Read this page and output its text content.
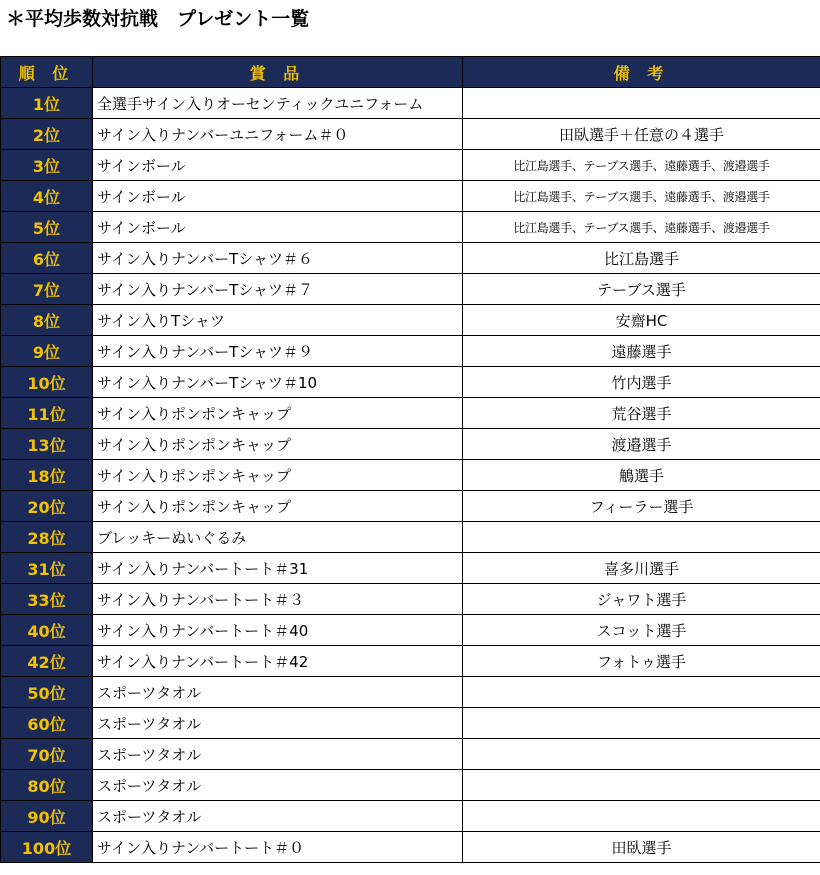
＊平均歩数対抗戦　プレゼント一覧
順 位	賞 品	備 考
1位	全選手サイン入りオーセンティックユニフォーム	
2位	サイン入りナンバーユニフォーム＃０	田臥選手＋任意の４選手
3位	サインボール	比江島選手、テーブス選手、遠藤選手、渡邉選手
4位	サインボール	比江島選手、テーブス選手、遠藤選手、渡邉選手
5位	サインボール	比江島選手、テーブス選手、遠藤選手、渡邉選手
6位	サイン入りナンバーTシャツ＃６	比江島選手
7位	サイン入りナンバーTシャツ＃７	テーブス選手
8位	サイン入りTシャツ	安齋HC
9位	サイン入りナンバーTシャツ＃９	遠藤選手
10位	サイン入りナンバーTシャツ＃10	竹内選手
11位	サイン入りポンポンキャップ	荒谷選手
13位	サイン入りポンポンキャップ	渡邉選手
18位	サイン入りポンポンキャップ	鵤選手
20位	サイン入りポンポンキャップ	フィーラー選手
28位	ブレッキーぬいぐるみ	
31位	サイン入りナンバートート＃31	喜多川選手
33位	サイン入りナンバートート＃３	ジャワト選手
40位	サイン入りナンバートート＃40	スコット選手
42位	サイン入りナンバートート＃42	フォトゥ選手
50位	スポーツタオル	
60位	スポーツタオル	
70位	スポーツタオル	
80位	スポーツタオル	
90位	スポーツタオル	
100位	サイン入りナンバートート＃０	田臥選手
